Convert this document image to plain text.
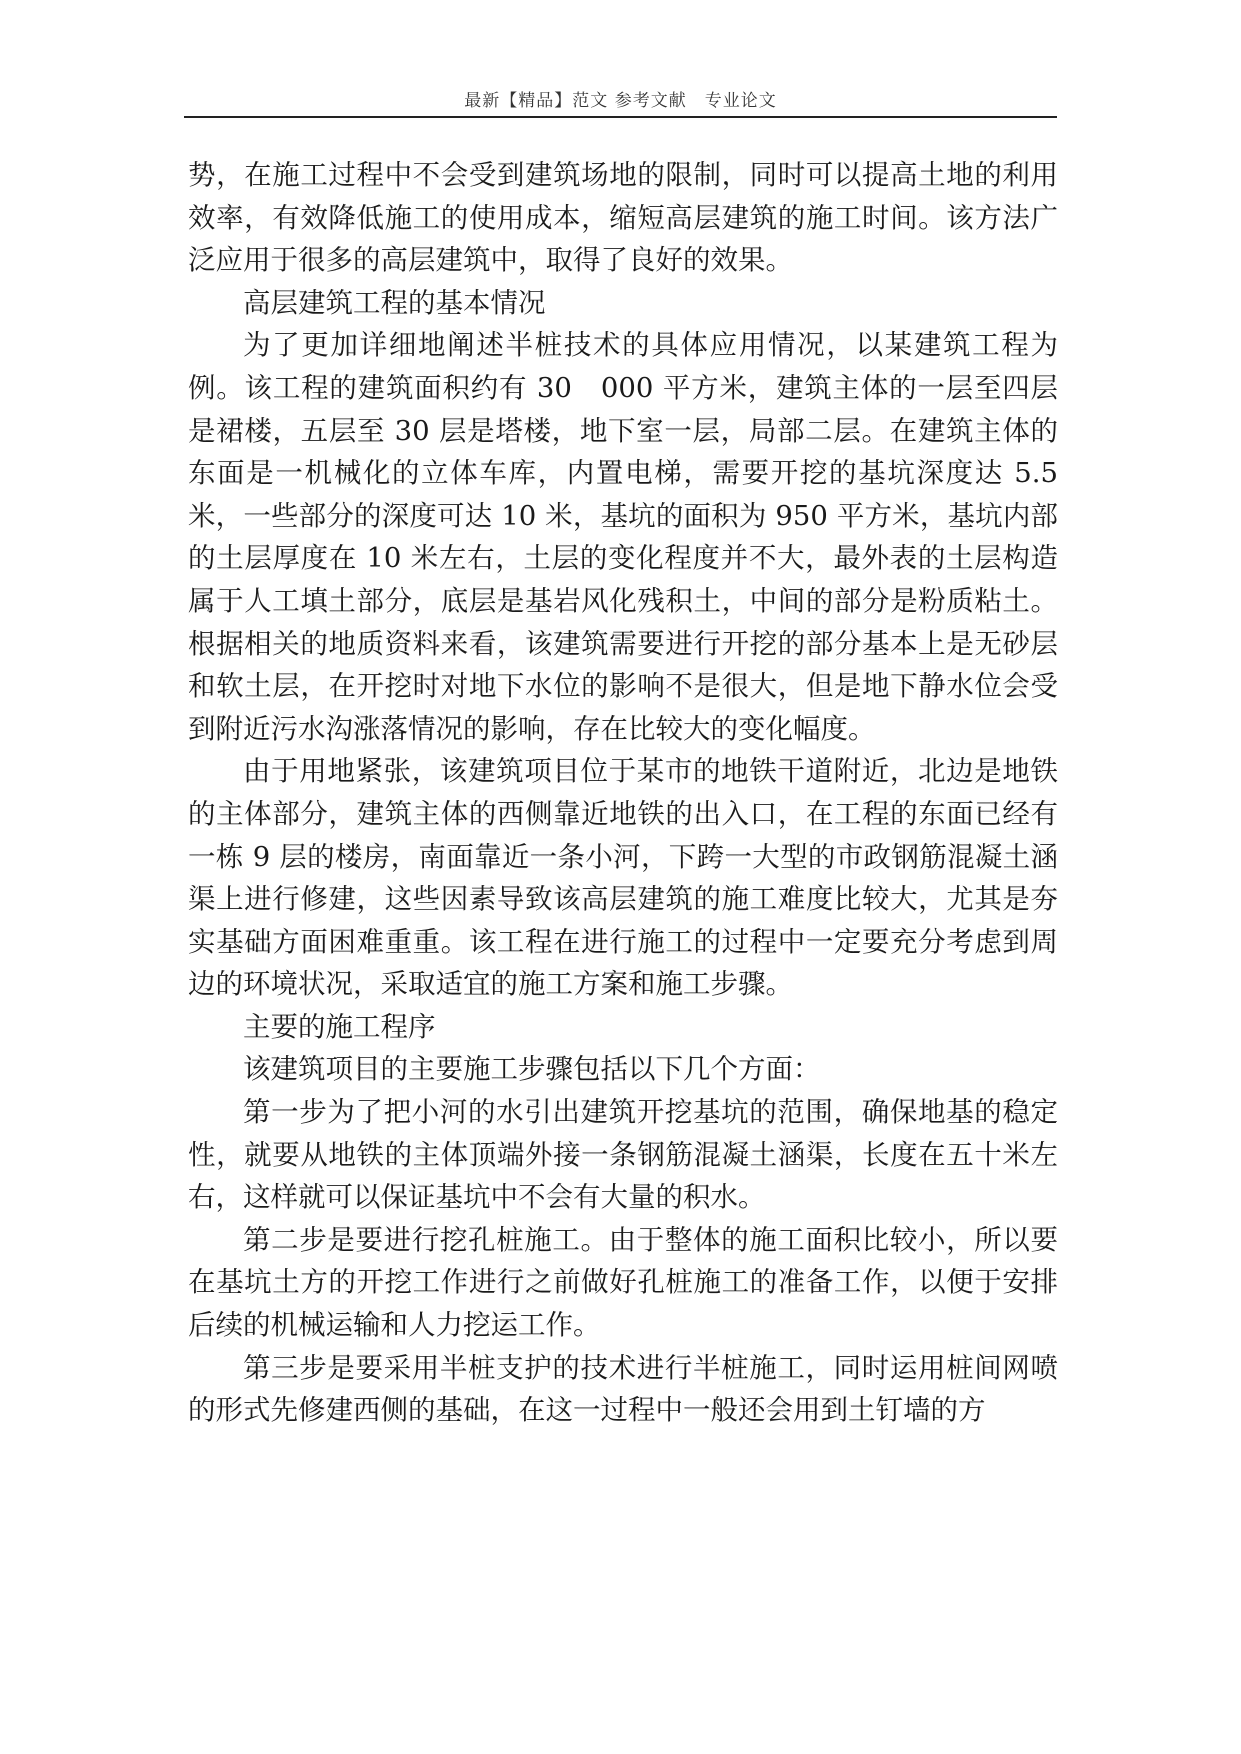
最新【精品】范文 参考文献　专业论文

势，在施工过程中不会受到建筑场地的限制，同时可以提高土地的利用效率，有效降低施工的使用成本，缩短高层建筑的施工时间。该方法广泛应用于很多的高层建筑中，取得了良好的效果。

高层建筑工程的基本情况

为了更加详细地阐述半桩技术的具体应用情况，以某建筑工程为例。该工程的建筑面积约有 30　000 平方米，建筑主体的一层至四层是裙楼，五层至 30 层是塔楼，地下室一层，局部二层。在建筑主体的东面是一机械化的立体车库，内置电梯，需要开挖的基坑深度达 5.5 米，一些部分的深度可达 10 米，基坑的面积为 950 平方米，基坑内部的土层厚度在 10 米左右，土层的变化程度并不大，最外表的土层构造属于人工填土部分，底层是基岩风化残积土，中间的部分是粉质粘土。根据相关的地质资料来看，该建筑需要进行开挖的部分基本上是无砂层和软土层，在开挖时对地下水位的影响不是很大，但是地下静水位会受到附近污水沟涨落情况的影响，存在比较大的变化幅度。

由于用地紧张，该建筑项目位于某市的地铁干道附近，北边是地铁的主体部分，建筑主体的西侧靠近地铁的出入口，在工程的东面已经有一栋 9 层的楼房，南面靠近一条小河，下跨一大型的市政钢筋混凝土涵渠上进行修建，这些因素导致该高层建筑的施工难度比较大，尤其是夯实基础方面困难重重。该工程在进行施工的过程中一定要充分考虑到周边的环境状况，采取适宜的施工方案和施工步骤。

主要的施工程序

该建筑项目的主要施工步骤包括以下几个方面：

第一步为了把小河的水引出建筑开挖基坑的范围，确保地基的稳定性，就要从地铁的主体顶端外接一条钢筋混凝土涵渠，长度在五十米左右，这样就可以保证基坑中不会有大量的积水。

第二步是要进行挖孔桩施工。由于整体的施工面积比较小，所以要在基坑土方的开挖工作进行之前做好孔桩施工的准备工作，以便于安排后续的机械运输和人力挖运工作。

第三步是要采用半桩支护的技术进行半桩施工，同时运用桩间网喷的形式先修建西侧的基础，在这一过程中一般还会用到土钉墙的方
